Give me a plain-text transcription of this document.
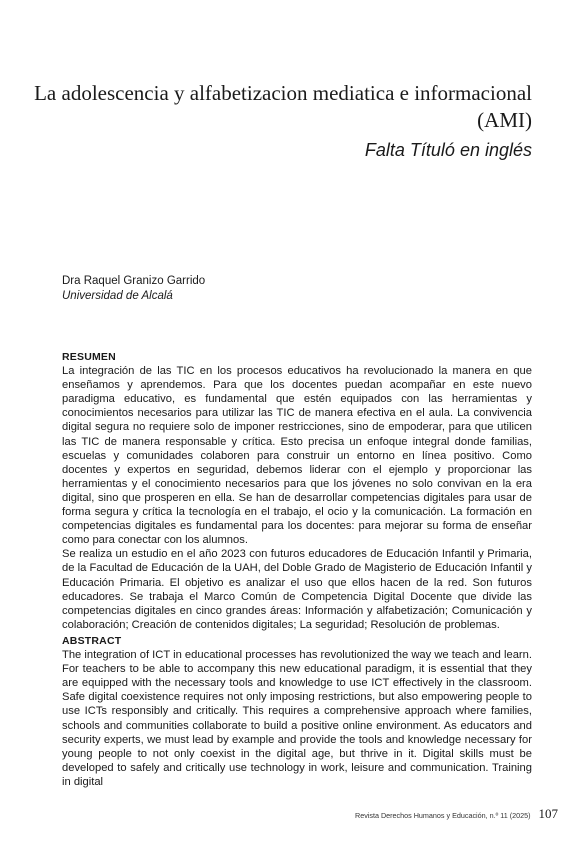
La adolescencia y alfabetizacion mediatica e informacional (AMI)
Falta Títuló en inglés
Dra Raquel Granizo Garrido
Universidad de Alcalá
RESUMEN

La integración de las TIC en los procesos educativos ha revolucionado la manera en que enseñamos y aprendemos. Para que los docentes puedan acompañar en este nuevo paradigma educativo, es fundamental que estén equipados con las herramientas y conocimientos necesarios para utilizar las TIC de manera efectiva en el aula. La convivencia digital segura no requiere solo de imponer restricciones, sino de empoderar, para que utilicen las TIC de manera responsable y crítica. Esto precisa un enfoque integral donde familias, escuelas y comunidades colaboren para construir un entorno en línea positivo. Como docentes y expertos en seguridad, debemos liderar con el ejemplo y proporcionar las herramientas y el conocimiento necesarios para que los jóvenes no solo convivan en la era digital, sino que prosperen en ella. Se han de desarrollar competencias digitales para usar de forma segura y crítica la tecnología en el trabajo, el ocio y la comunicación. La formación en competencias digitales es fundamental para los docentes: para mejorar su forma de enseñar como para conectar con los alumnos.

Se realiza un estudio en el año 2023 con futuros educadores de Educación Infantil y Primaria, de la Facultad de Educación de la UAH, del Doble Grado de Magisterio de Educación Infantil y Educación Primaria. El objetivo es analizar el uso que ellos hacen de la red. Son futuros educadores. Se trabaja el Marco Común de Competencia Digital Docente que divide las competencias digitales en cinco grandes áreas: Información y alfabetización; Comunicación y colaboración; Creación de contenidos digitales; La seguridad; Resolución de problemas.

ABSTRACT

The integration of ICT in educational processes has revolutionized the way we teach and learn. For teachers to be able to accompany this new educational paradigm, it is essential that they are equipped with the necessary tools and knowledge to use ICT effectively in the classroom. Safe digital coexistence requires not only imposing restrictions, but also empowering people to use ICTs responsibly and critically. This requires a comprehensive approach where families, schools and communities collaborate to build a positive online environment. As educators and security experts, we must lead by example and provide the tools and knowledge necessary for young people to not only coexist in the digital age, but thrive in it. Digital skills must be developed to safely and critically use technology in work, leisure and communication. Training in digital

Revista Derechos Humanos y Educación, n.º 11 (2025) 107
